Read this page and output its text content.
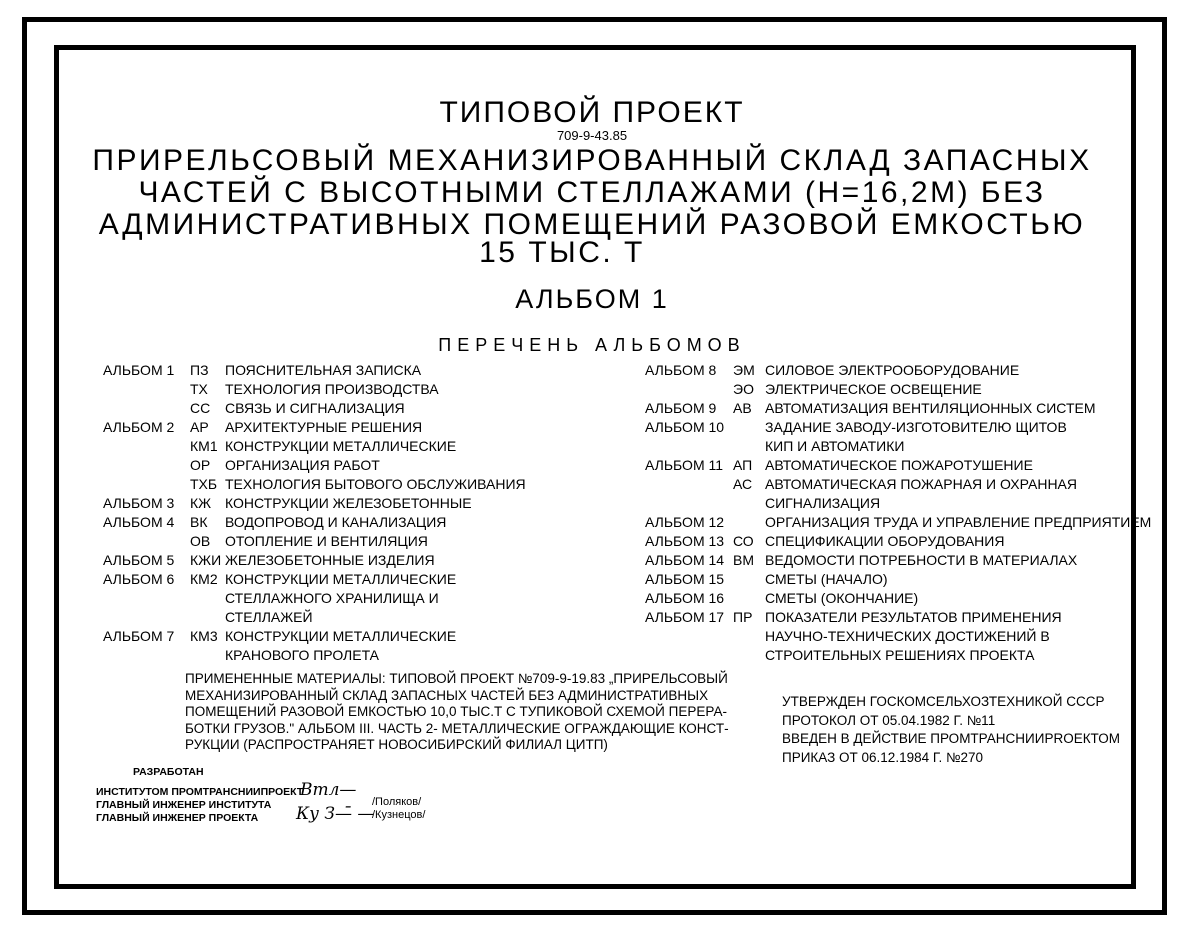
ТИПОВОЙ ПРОЕКТ
709-9-43.85
ПРИРЕЛЬСОВЫЙ МЕХАНИЗИРОВАННЫЙ СКЛАД ЗАПАСНЫХ
ЧАСТЕЙ С ВЫСОТНЫМИ СТЕЛЛАЖАМИ (Н=16,2М) БЕЗ
АДМИНИСТРАТИВНЫХ ПОМЕЩЕНИЙ РАЗОВОЙ ЕМКОСТЬЮ
15 ТЫС. Т
АЛЬБОМ 1
ПЕРЕЧЕНЬ АЛЬБОМОВ
АЛЬБОМ 1 ПЗ ПОЯСНИТЕЛЬНАЯ ЗАПИСКА
ТХ ТЕХНОЛОГИЯ ПРОИЗВОДСТВА
СС СВЯЗЬ И СИГНАЛИЗАЦИЯ
АЛЬБОМ 2 АР АРХИТЕКТУРНЫЕ РЕШЕНИЯ
КМ1 КОНСТРУКЦИИ МЕТАЛЛИЧЕСКИЕ
ОР ОРГАНИЗАЦИЯ РАБОТ
ТХБ ТЕХНОЛОГИЯ БЫТОВОГО ОБСЛУЖИВАНИЯ
АЛЬБОМ 3 КЖ КОНСТРУКЦИИ ЖЕЛЕЗОБЕТОННЫЕ
АЛЬБОМ 4 ВК ВОДОПРОВОД И КАНАЛИЗАЦИЯ
ОВ ОТОПЛЕНИЕ И ВЕНТИЛЯЦИЯ
АЛЬБОМ 5 КЖИ ЖЕЛЕЗОБЕТОННЫЕ ИЗДЕЛИЯ
АЛЬБОМ 6 КМ2 КОНСТРУКЦИИ МЕТАЛЛИЧЕСКИЕ
СТЕЛЛАЖНОГО ХРАНИЛИЩА И
СТЕЛЛАЖЕЙ
АЛЬБОМ 7 КМ3 КОНСТРУКЦИИ МЕТАЛЛИЧЕСКИЕ
КРАНОВОГО ПРОЛЕТА
АЛЬБОМ 8 ЭМ СИЛОВОЕ ЭЛЕКТРООБОРУДОВАНИЕ
ЭО ЭЛЕКТРИЧЕСКОЕ ОСВЕЩЕНИЕ
АЛЬБОМ 9 АВ АВТОМАТИЗАЦИЯ ВЕНТИЛЯЦИОННЫХ СИСТЕМ
АЛЬБОМ 10	ЗАДАНИЕ ЗАВОДУ-ИЗГОТОВИТЕЛЮ ЩИТОВ
КИП И АВТОМАТИКИ
АЛЬБОМ 11 АП АВТОМАТИЧЕСКОЕ ПОЖАРОТУШЕНИЕ
АС АВТОМАТИЧЕСКАЯ ПОЖАРНАЯ И ОХРАННАЯ
СИГНАЛИЗАЦИЯ
АЛЬБОМ 12	ОРГАНИЗАЦИЯ ТРУДА И УПРАВЛЕНИЕ ПРЕДПРИЯТИЕМ
АЛЬБОМ 13 СО СПЕЦИФИКАЦИИ ОБОРУДОВАНИЯ
АЛЬБОМ 14 ВМ ВЕДОМОСТИ ПОТРЕБНОСТИ В МАТЕРИАЛАХ
АЛЬБОМ 15	СМЕТЫ (НАЧАЛО)
АЛЬБОМ 16	СМЕТЫ (ОКОНЧАНИЕ)
АЛЬБОМ 17 ПР ПОКАЗАТЕЛИ РЕЗУЛЬТАТОВ ПРИМЕНЕНИЯ
НАУЧНО-ТЕХНИЧЕСКИХ ДОСТИЖЕНИЙ В
СТРОИТЕЛЬНЫХ РЕШЕНИЯХ ПРОЕКТА
ПРИМЕНЕННЫЕ МАТЕРИАЛЫ: ТИПОВОЙ ПРОЕКТ №709-9-19.83 „ПРИРЕЛЬСОВЫЙ
МЕХАНИЗИРОВАННЫЙ СКЛАД ЗАПАСНЫХ ЧАСТЕЙ БЕЗ АДМИНИСТРАТИВНЫХ
ПОМЕЩЕНИЙ РАЗОВОЙ ЕМКОСТЬЮ 10,0 ТЫС.Т С ТУПИКОВОЙ СХЕМОЙ ПЕРЕРА-
БОТКИ ГРУЗОВ." АЛЬБОМ III. ЧАСТЬ 2- МЕТАЛЛИЧЕСКИЕ ОГРАЖДАЮЩИЕ КОНСТ-
РУКЦИИ (РАСПРОСТРАНЯЕТ НОВОСИБИРСКИЙ ФИЛИАЛ ЦИТП)
УТВЕРЖДЕН ГОСКОМСЕЛЬХОЗТЕХНИКОЙ СССР
ПРОТОКОЛ ОТ 05.04.1982 Г. №11
ВВЕДЕН В ДЕЙСТВИЕ ПРОМТРАНСНИИPROЕКТОМ
ПРИКАЗ ОТ 06.12.1984 Г. №270
РАЗРАБОТАН
ИНСТИТУТОМ ПРОМТРАНСНИИПРОЕКТ
ГЛАВНЫЙ ИНЖЕНЕР ИНСТИТУТА
ГЛАВНЫЙ ИНЖЕНЕР ПРОЕКТА
Втл—
Ку З—̄ —
/Поляков/
/Кузнецов/
